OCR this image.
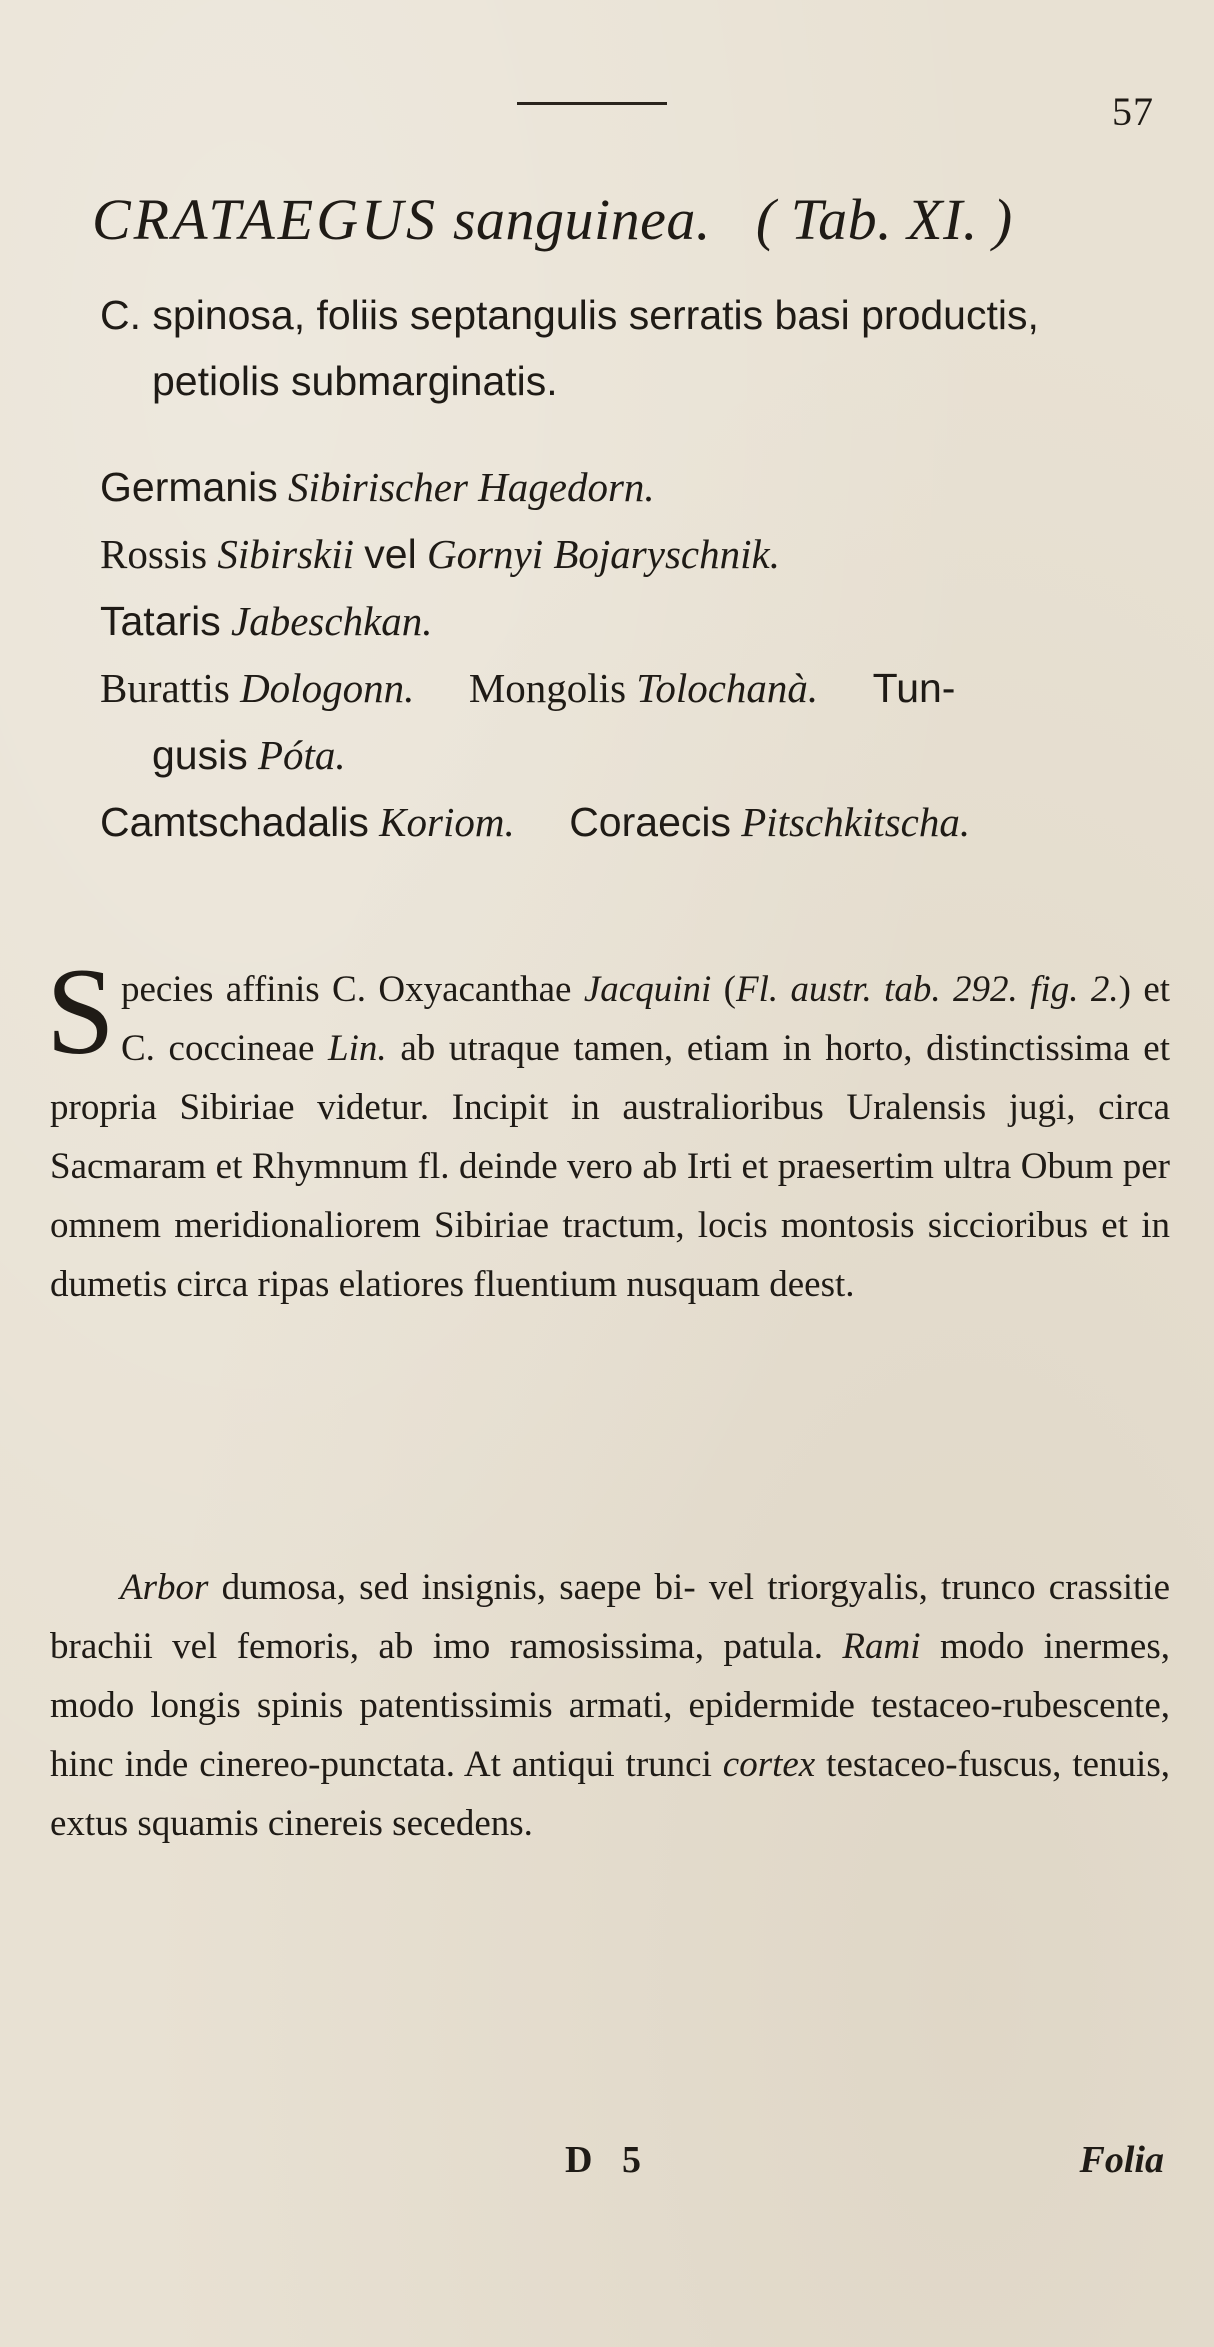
57
CRATAEGUS sanguinea. ( Tab. XI. )
C. spinosa, foliis septangulis serratis basi productis,
petiolis submarginatis.
Germanis Sibirischer Hagedorn.
Rossis Sibirskii vel Gornyi Bojaryschnik.
Tataris Jabeschkan.
Burattis Dologonn. Mongolis Tolochanà. Tun-
gusis Póta.
Camtschadalis Koriom. Coraecis Pitschkitscha.
Species affinis C. Oxyacanthae Jacquini (Fl. austr. tab. 292. fig. 2.) et C. coccineae Lin. ab utraque tamen, etiam in horto, distinctissima et propria Sibiriae videtur. Incipit in australioribus Uralensis jugi, circa Sacmaram et Rhymnum fl. deinde vero ab Irti et praesertim ultra Obum per omnem meridionaliorem Sibiriae tractum, locis montosis siccioribus et in dumetis circa ripas elatiores fluentium nusquam deest.
Arbor dumosa, sed insignis, saepe bi- vel triorgyalis, trunco crassitie brachii vel femoris, ab imo ramosissima, patula. Rami modo inermes, modo longis spinis patentissimis armati, epidermide testaceo-rubescente, hinc inde cinereo-punctata. At antiqui trunci cortex testaceo-fuscus, tenuis, extus squamis cinereis secedens.
D 5	Folia
